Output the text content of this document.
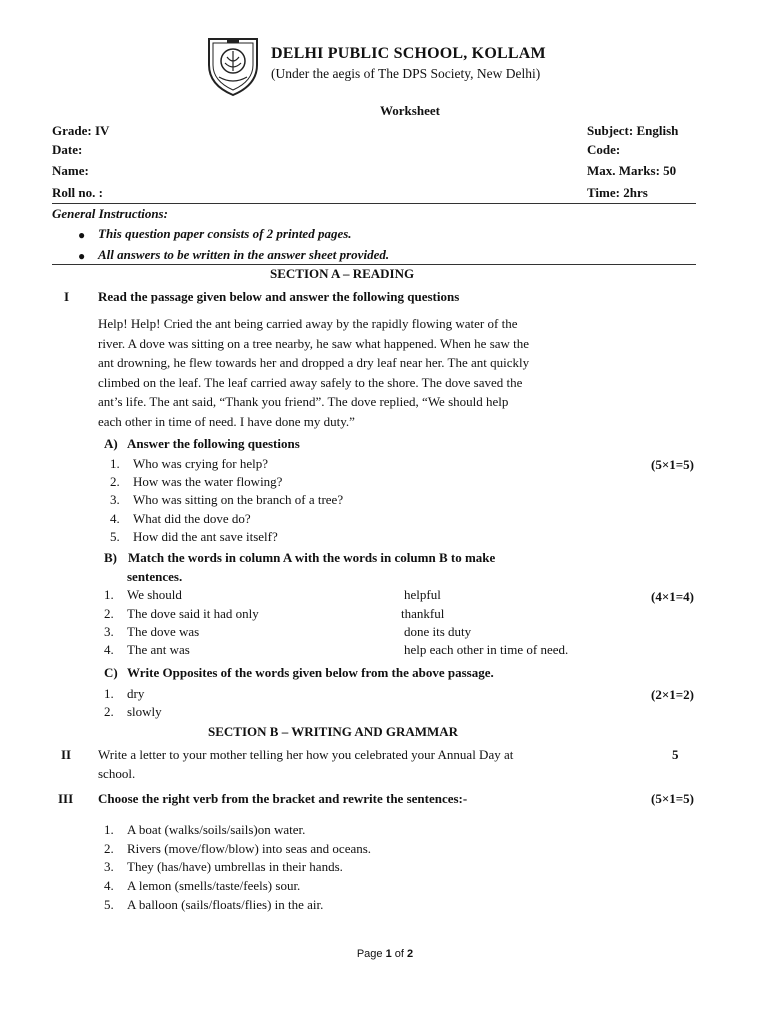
DELHI PUBLIC SCHOOL, KOLLAM
(Under the aegis of The DPS Society, New Delhi)
Worksheet
Grade: IV
Date:
Name:
Roll no. :
Subject: English
Code:
Max. Marks: 50
Time: 2hrs
General Instructions:
● This question paper consists of 2 printed pages.
● All answers to be written in the answer sheet provided.
SECTION A – READING
I Read the passage given below and answer the following questions

Help! Help! Cried the ant being carried away by the rapidly flowing water of the

river. A dove was sitting on a tree nearby, he saw what happened. When he saw the

ant drowning, he flew towards her and dropped a dry leaf near her. The ant quickly

climbed on the leaf. The leaf carried away safely to the shore. The dove saved the

ant’s life. The ant said, “Thank you friend”. The dove replied, “We should help

each other in time of need. I have done my duty.”

A) Answer the following questions
(5×1=5)
1. Who was crying for help?
2. How was the water flowing?
3. Who was sitting on the branch of a tree?
4. What did the dove do?
5. How did the ant save itself?
B) Match the words in column A with the words in column B to make
sentences.
(4×1=4)
1. We should	helpful
2. The dove said it had only	thankful
3. The dove was	done its duty
4. The ant was	help each other in time of need.
C) Write Opposites of the words given below from the above passage.
(2×1=2)
1. dry
2. slowly
SECTION B – WRITING AND GRAMMAR
II Write a letter to your mother telling her how you celebrated your Annual Day at
school.
5
III Choose the right verb from the bracket and rewrite the sentences:-	(5×1=5)
1. A boat (walks/soils/sails)on water.
2. Rivers (move/flow/blow) into seas and oceans.
3. They (has/have) umbrellas in their hands.
4. A lemon (smells/taste/feels) sour.
5. A balloon (sails/floats/flies) in the air.
Page 1 of 2
